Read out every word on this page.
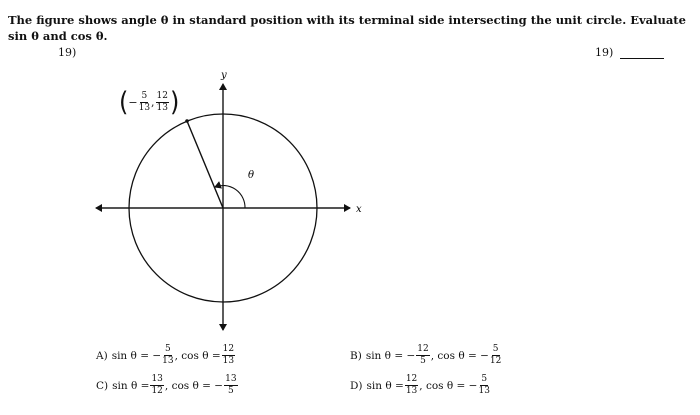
The figure shows angle θ in standard position with its terminal side intersecting the unit circle. Evaluate sin θ and cos θ.
19)	19)
θ
x
y
( − $\frac{5}{13}$ , $\frac{12}{13}$ )
A) sin θ = − $\frac{5}{13}$ , $\cos \theta = \frac{12}{13}$	B) sin θ = − $\frac{12}{5}$ , cos θ = − $\frac{5}{12}$
C) $\sin \theta = \frac{13}{12}$ , cos θ = − $\frac{13}{5}$	D) $\sin \theta = \frac{12}{13}$ , cos θ = − $\frac{5}{13}$
